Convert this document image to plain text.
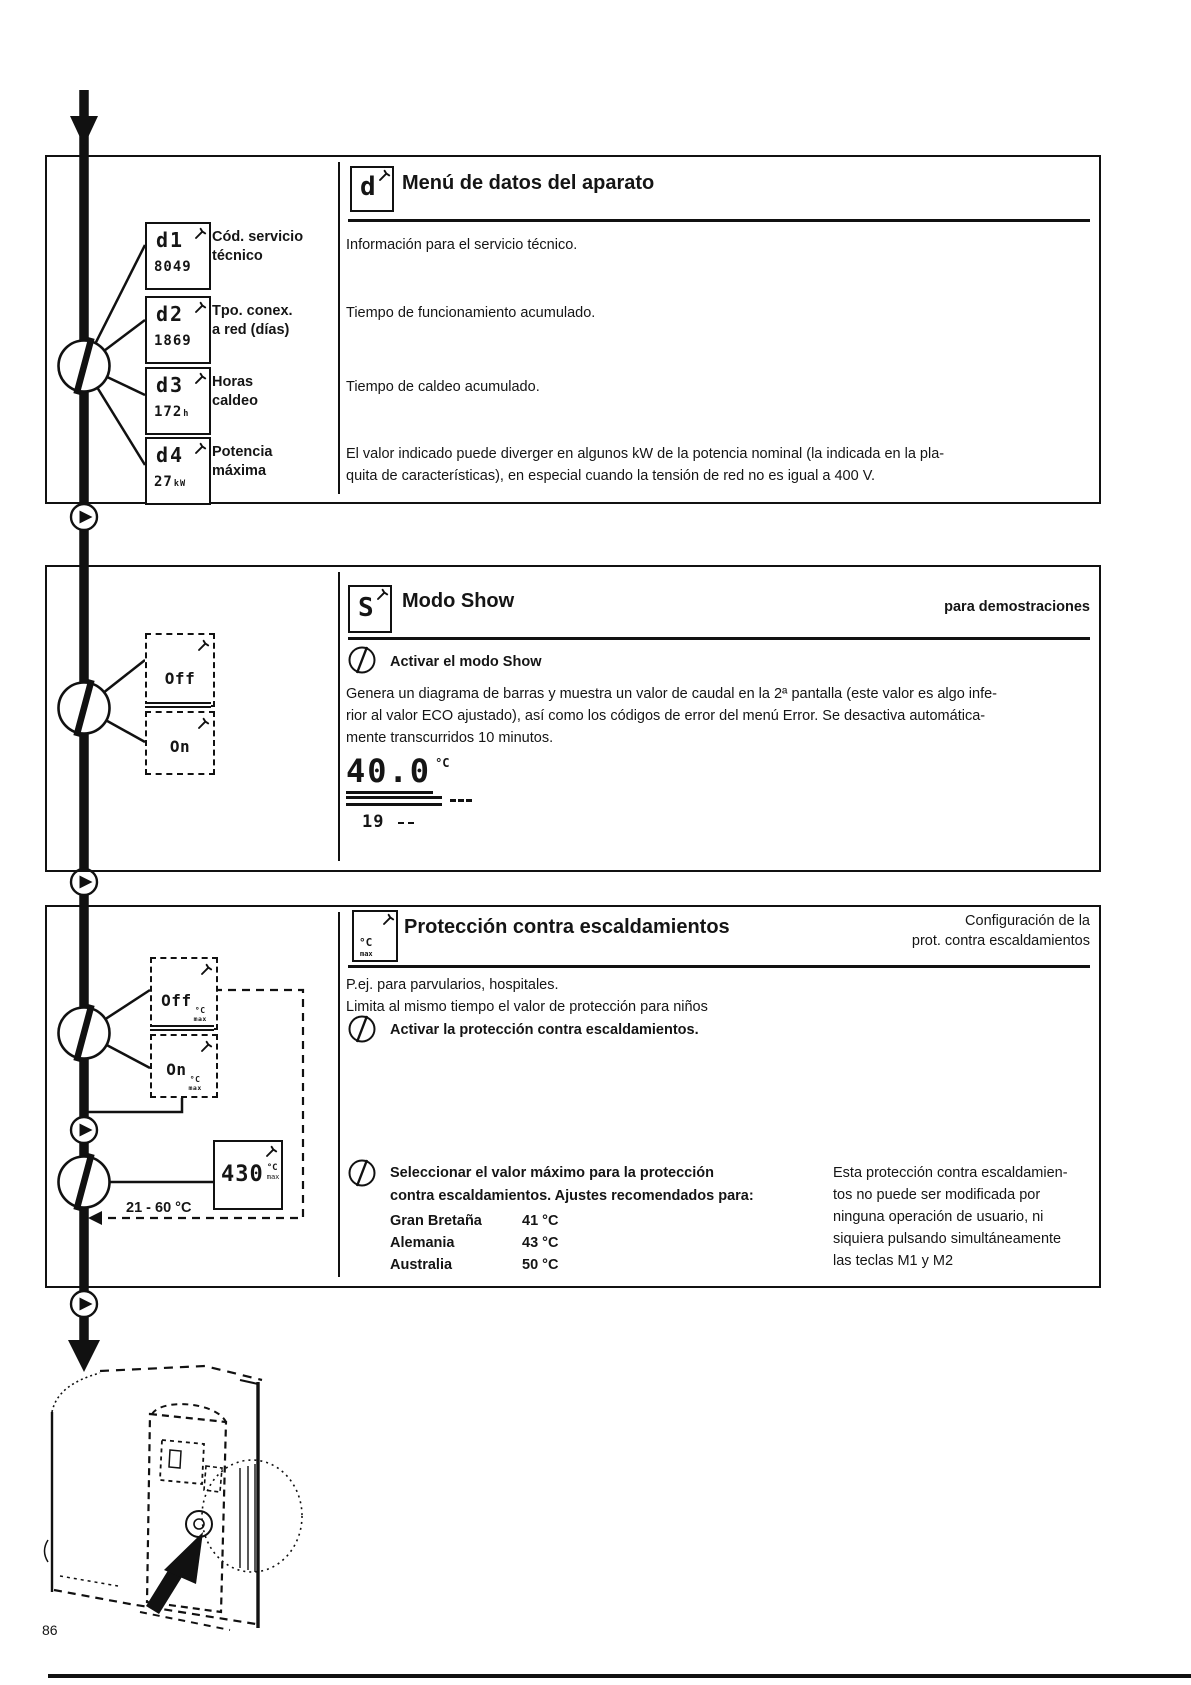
d Menú de datos del aparato
d1
8049
d2
1869
d3
172h
d4
27kW
Cód. servicio
técnico
Tpo. conex.
a red (días)
Horas
caldeo
Potencia
máxima
Información para el servicio técnico.
Tiempo de funcionamiento acumulado.
Tiempo de caldeo acumulado.
El valor indicado puede diverger en algunos kW de la potencia nominal (la indicada en la pla-
quita de características), en especial cuando la tensión de red no es igual a 400 V.
S Modo Show	para demostraciones
Off
On
Activar el modo Show
Genera un diagrama de barras y muestra un valor de caudal en la 2ª pantalla (este valor es algo infe-
rior al valor ECO ajustado), así como los códigos de error del menú Error. Se desactiva automática-
mente transcurridos 10 minutos.
40.0 $^{^\circ C}$
19
°C
max
Protección contra escaldamientos	Configuración de la
prot. contra escaldamientos
P.ej. para parvularios, hospitales.
Limita al mismo tiempo el valor de protección para niños
Activar la protección contra escaldamientos.
Off
°C
max
On
°C
max
430 °C
max
21 - 60 °C
Seleccionar el valor máximo para la protección
contra escaldamientos. Ajustes recomendados para:
Gran Bretaña	41 °C
Alemania	43 °C
Australia	50 °C
Esta protección contra escaldamien-
tos no puede ser modificada por
ninguna operación de usuario, ni
siquiera pulsando simultáneamente
las teclas M1 y M2
86
